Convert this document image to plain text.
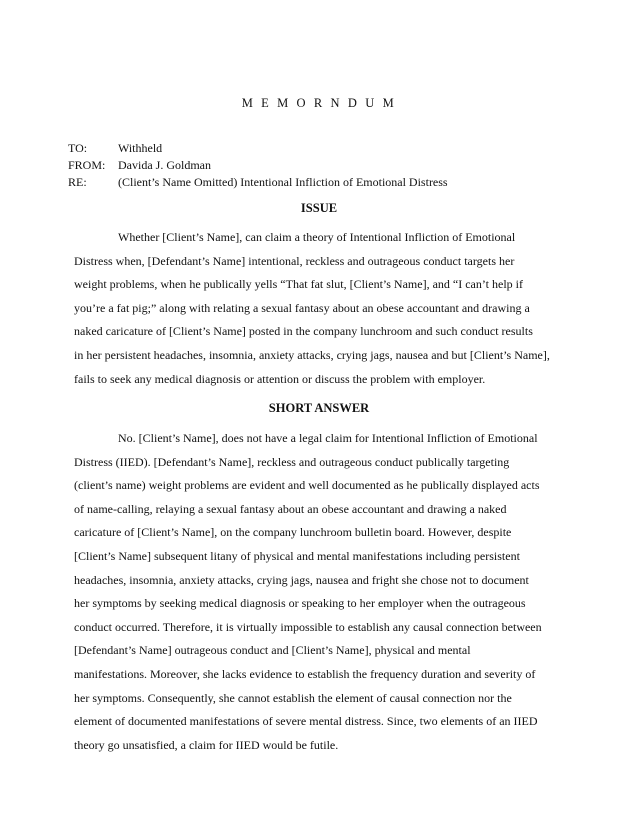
M E M O R N D U M
TO:	Withheld
FROM:	Davida J. Goldman
RE:	(Client’s Name Omitted) Intentional Infliction of Emotional Distress
ISSUE
Whether [Client’s Name], can claim a theory of Intentional Infliction of Emotional
Distress when, [Defendant’s Name] intentional, reckless and outrageous conduct targets her
weight problems, when he publically yells “That fat slut, [Client’s Name], and “I can’t help if
you’re a fat pig;” along with relating a sexual fantasy about an obese accountant and drawing a
naked caricature of [Client’s Name] posted in the company lunchroom and such conduct results
in her persistent headaches, insomnia, anxiety attacks, crying jags, nausea and but [Client’s Name],
fails to seek any medical diagnosis or attention or discuss the problem with employer.
SHORT ANSWER
No. [Client’s Name], does not have a legal claim for Intentional Infliction of Emotional
Distress (IIED). [Defendant’s Name], reckless and outrageous conduct publically targeting
(client’s name) weight problems are evident and well documented as he publically displayed acts
of name-calling, relaying a sexual fantasy about an obese accountant and drawing a naked
caricature of [Client’s Name], on the company lunchroom bulletin board. However, despite
[Client’s Name] subsequent litany of physical and mental manifestations including persistent
headaches, insomnia, anxiety attacks, crying jags, nausea and fright she chose not to document
her symptoms by seeking medical diagnosis or speaking to her employer when the outrageous
conduct occurred. Therefore, it is virtually impossible to establish any causal connection between
[Defendant’s Name] outrageous conduct and [Client’s Name], physical and mental
manifestations. Moreover, she lacks evidence to establish the frequency duration and severity of
her symptoms. Consequently, she cannot establish the element of causal connection nor the
element of documented manifestations of severe mental distress. Since, two elements of an IIED
theory go unsatisfied, a claim for IIED would be futile.
